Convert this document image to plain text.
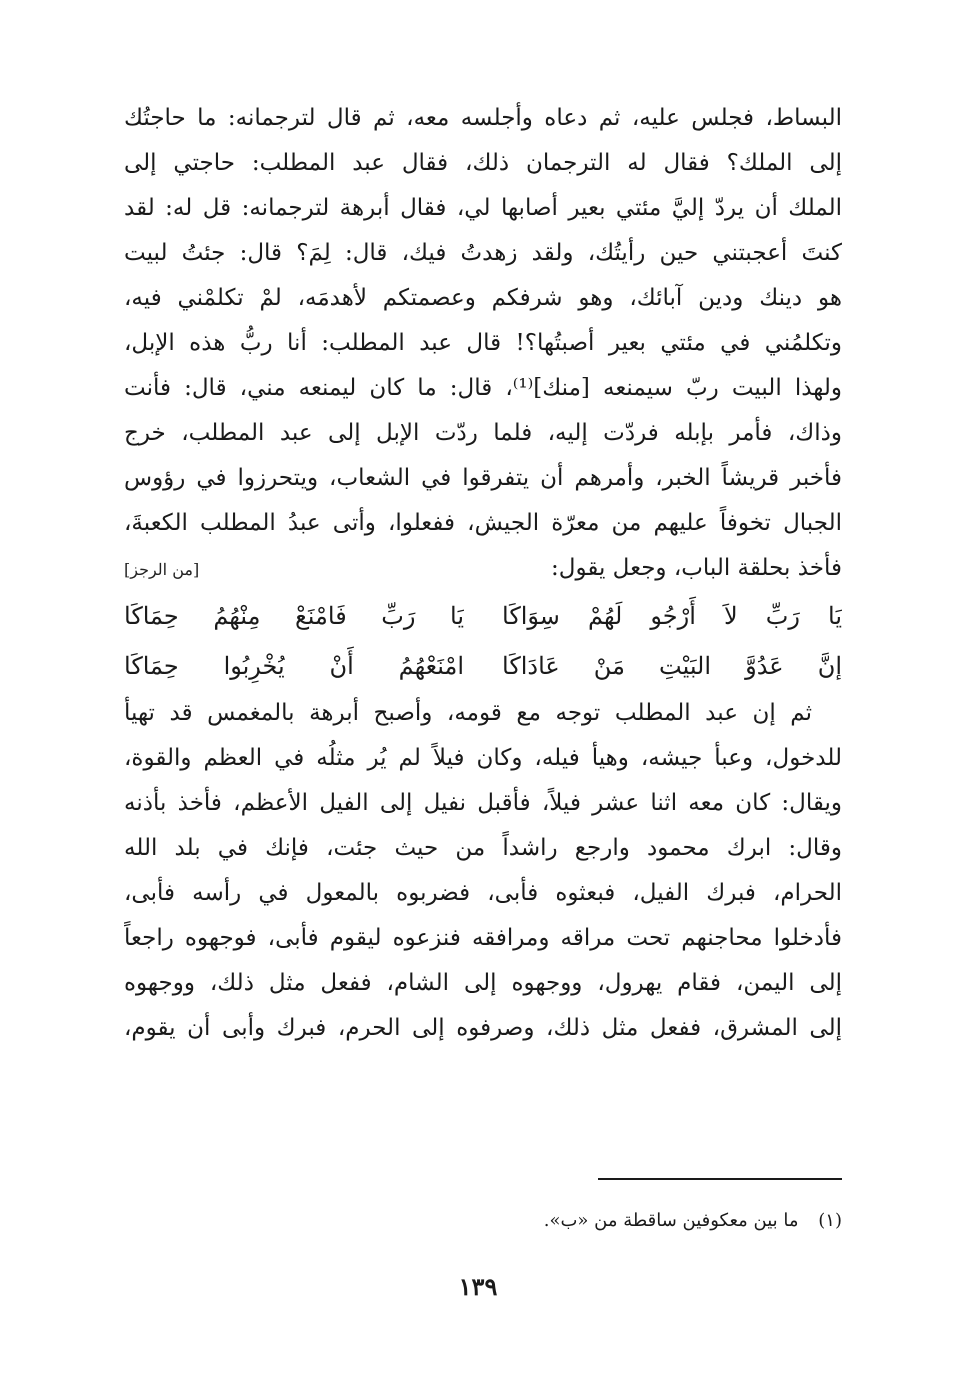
البساط، فجلس عليه، ثم دعاه وأجلسه معه، ثم قال لترجمانه: ما حاجتُك
إلى الملك؟ فقال له الترجمان ذلك، فقال عبد المطلب: حاجتي إلى
الملك أن يردّ إليَّ مئتي بعير أصابها لي، فقال أبرهة لترجمانه: قل له: لقد
كنتَ أعجبتني حين رأيتُك، ولقد زهدتُ فيك، قال: لِمَ؟ قال: جئتُ لبيت
هو دينك ودين آبائك، وهو شرفكم وعصمتكم لأهدمَه، لمْ تكلمْني فيه،
وتكلمُني في مئتي بعير أصبتُها؟! قال عبد المطلب: أنا ربُّ هذه الإبل،
ولهذا البيت ربّ سيمنعه [منك]⁽¹⁾، قال: ما كان ليمنعه مني، قال: فأنت
وذاك، فأمر بإبله فردّت إليه، فلما ردّت الإبل إلى عبد المطلب، خرج
فأخبر قريشاً الخبر، وأمرهم أن يتفرقوا في الشعاب، ويتحرزوا في رؤوس
الجبال تخوفاً عليهم من معرّة الجيش، ففعلوا، وأتى عبدُ المطلب الكعبةَ،
فأخذ بحلقة الباب، وجعل يقول:
[من الرجز]
يَا رَبِّ لاَ أَرْجُو لَهُمْ سِوَاكَا
يَا رَبِّ فَامْنَعْ مِنْهُمُ حِمَاكَا
إنَّ عَدُوَّ البَيْتِ مَنْ عَادَاكَا
امْنَعْهُمُ أَنْ يُخْرِبُوا حِمَاكَا
ثم إن عبد المطلب توجه مع قومه، وأصبح أبرهة بالمغمس قد تهيأ
للدخول، وعبأ جيشه، وهيأ فيله، وكان فيلاً لم يُر مثلُه في العظم والقوة،
ويقال: كان معه اثنا عشر فيلاً، فأقبل نفيل إلى الفيل الأعظم، فأخذ بأذنه
وقال: ابرك محمود وارجع راشداً من حيث جئت، فإنك في بلد الله
الحرام، فبرك الفيل، فبعثوه فأبى، فضربوه بالمعول في رأسه فأبى،
فأدخلوا محاجنهم تحت مراقه ومرافقه فنزعوه ليقوم فأبى، فوجهوه راجعاً
إلى اليمن، فقام يهرول، ووجهوه إلى الشام، ففعل مثل ذلك، ووجهوه
إلى المشرق، ففعل مثل ذلك، وصرفوه إلى الحرم، فبرك وأبى أن يقوم،
(١) ما بين معكوفين ساقطة من «ب».
١٣٩
